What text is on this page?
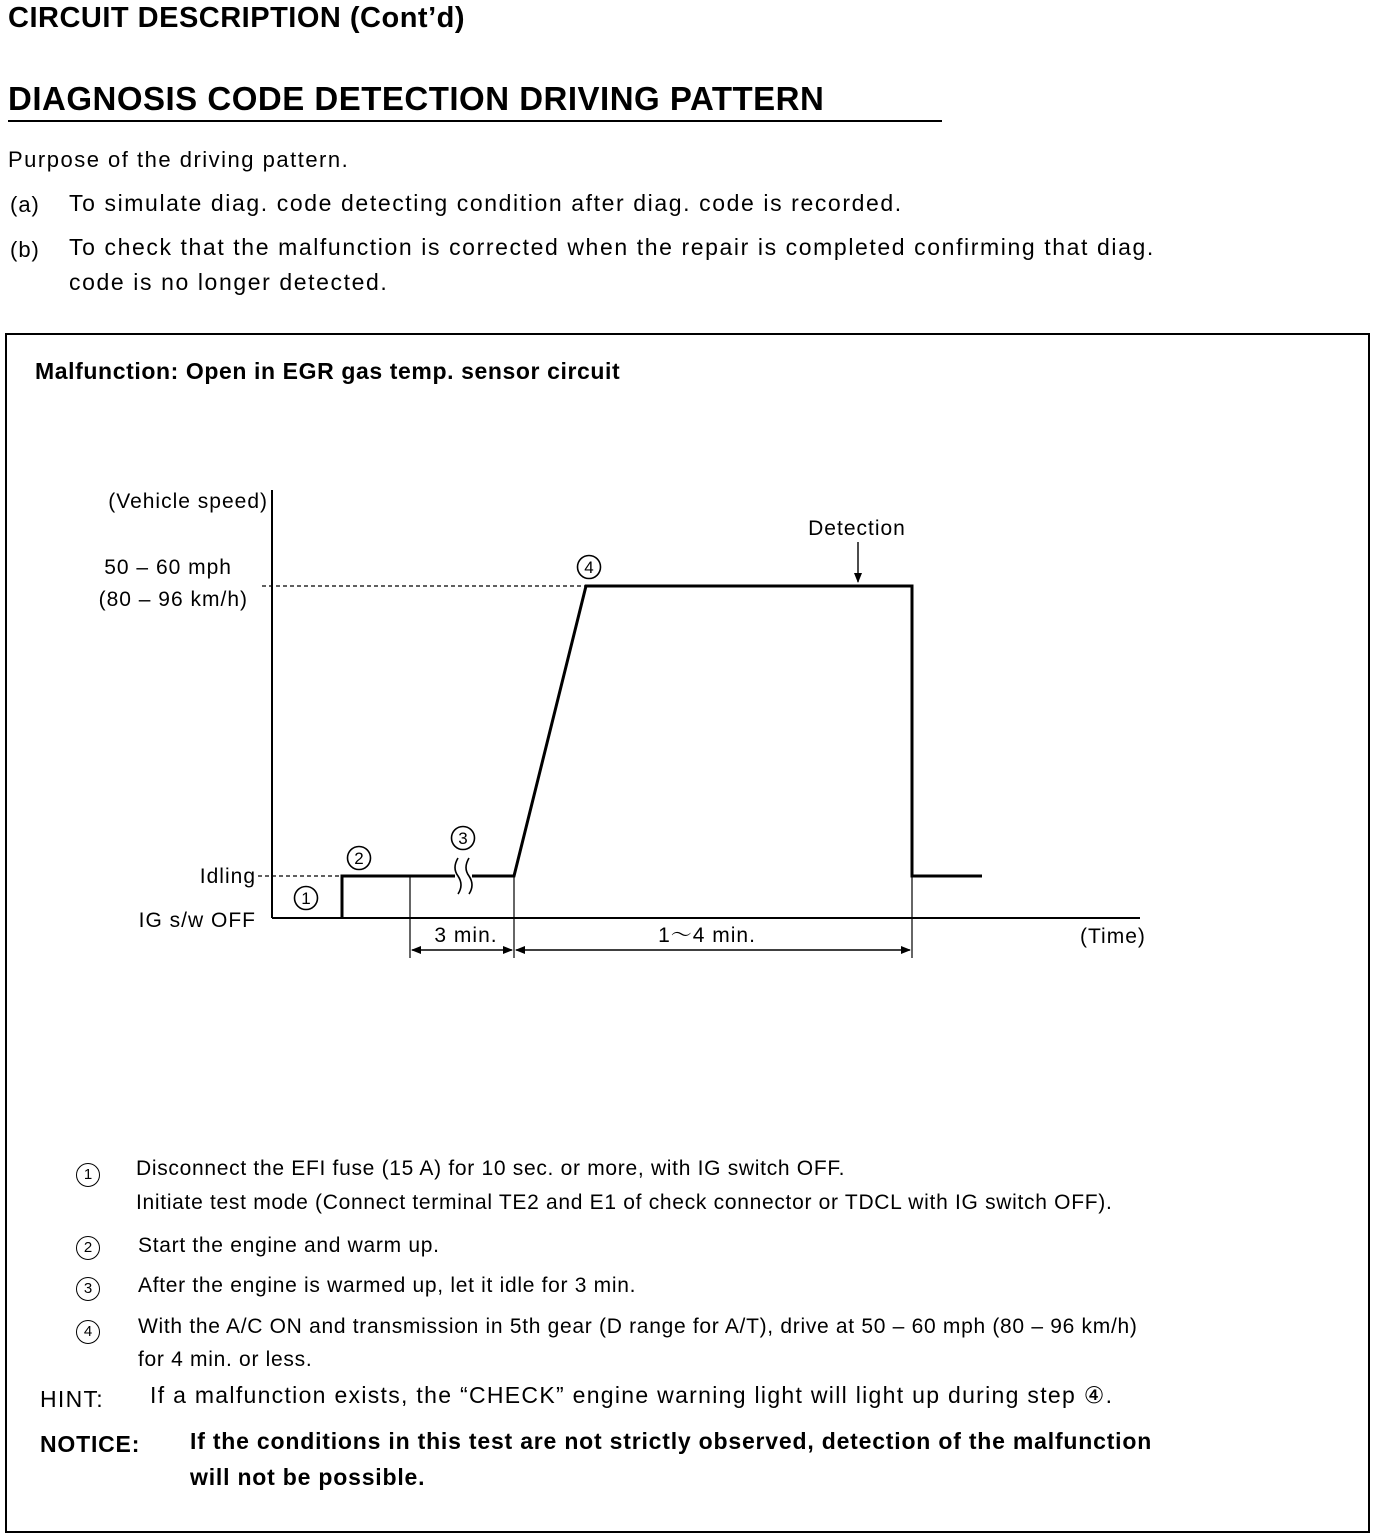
CIRCUIT DESCRIPTION (Cont’d)
DIAGNOSIS CODE DETECTION DRIVING PATTERN
Purpose of the driving pattern.
(a) To simulate diag. code detecting condition after diag. code is recorded.
(b) To check that the malfunction is corrected when the repair is completed confirming that diag.
code is no longer detected.
Malfunction: Open in EGR gas temp. sensor circuit
(Vehicle speed)
50 – 60 mph
(80 – 96 km/h)
Idling
IG s/w OFF
Detection
(Time)
3 min.	1～4 min.
1
2
3
4
1	Disconnect the EFI fuse (15 A) for 10 sec. or more, with IG switch OFF.
Initiate test mode (Connect terminal TE2 and E1 of check connector or TDCL with IG switch OFF).
2	Start the engine and warm up.
3	After the engine is warmed up, let it idle for 3 min.
4	With the A/C ON and transmission in 5th gear (D range for A/T), drive at 50 – 60 mph (80 – 96 km/h)
for 4 min. or less.
HINT: If a malfunction exists, the “CHECK” engine warning light will light up during step ④.
NOTICE: If the conditions in this test are not strictly observed, detection of the malfunction
will not be possible.
